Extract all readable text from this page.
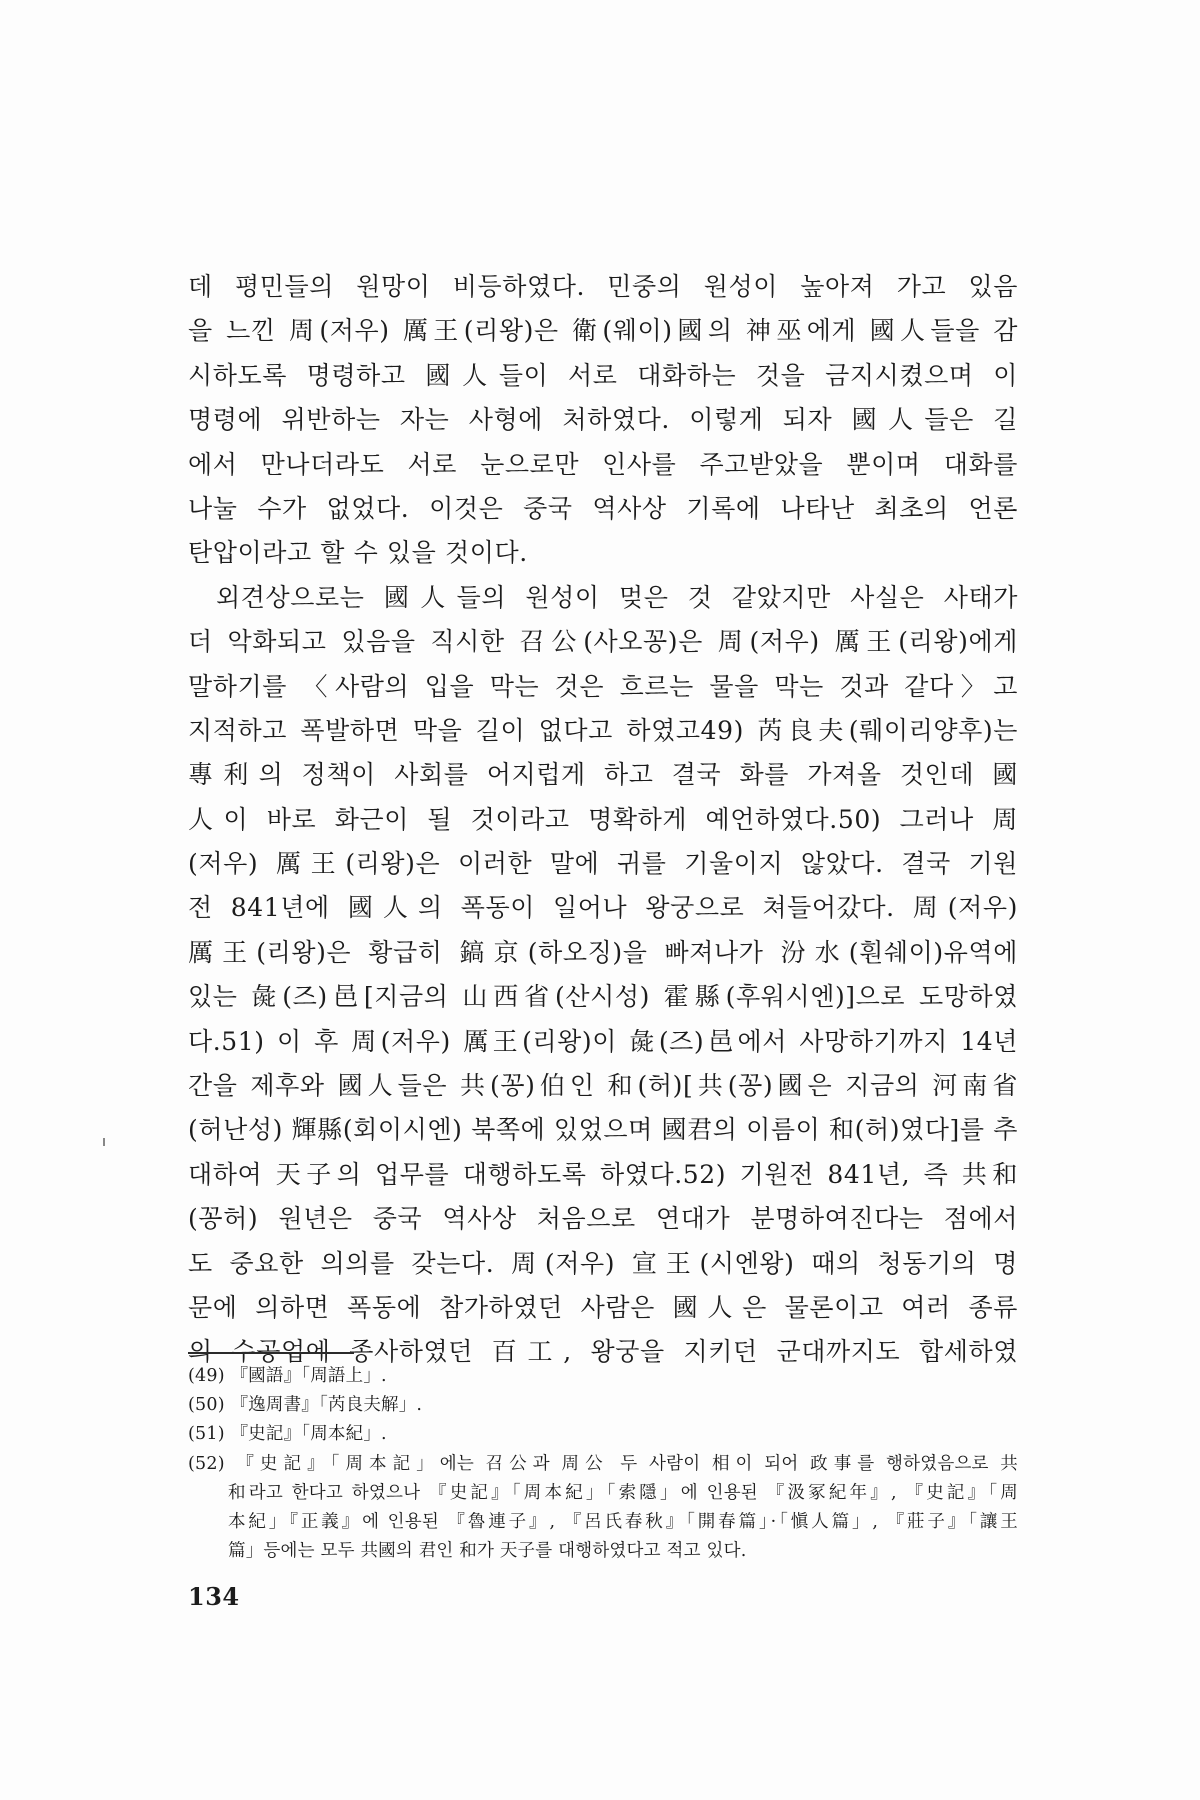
데 평민들의 원망이 비등하였다. 민중의 원성이 높아져 가고 있음
을 느낀 周(저우) 厲王(리왕)은 衛(웨이)國의 神巫에게 國人들을 감
시하도록 명령하고 國人들이 서로 대화하는 것을 금지시켰으며 이
명령에 위반하는 자는 사형에 처하였다. 이렇게 되자 國人들은 길
에서 만나더라도 서로 눈으로만 인사를 주고받았을 뿐이며 대화를
나눌 수가 없었다. 이것은 중국 역사상 기록에 나타난 최초의 언론
탄압이라고 할 수 있을 것이다.
외견상으로는 國人들의 원성이 멎은 것 같았지만 사실은 사태가
더 악화되고 있음을 직시한 召公(사오꽁)은 周(저우) 厲王(리왕)에게
말하기를 〈사람의 입을 막는 것은 흐르는 물을 막는 것과 같다〉고
지적하고 폭발하면 막을 길이 없다고 하였고49) 芮良夫(뤠이리양후)는
專利의 정책이 사회를 어지럽게 하고 결국 화를 가져올 것인데 國
人이 바로 화근이 될 것이라고 명확하게 예언하였다.50) 그러나 周
(저우) 厲王(리왕)은 이러한 말에 귀를 기울이지 않았다. 결국 기원
전 841년에 國人의 폭동이 일어나 왕궁으로 쳐들어갔다. 周(저우)
厲王(리왕)은 황급히 鎬京(하오징)을 빠져나가 汾水(훤쉐이)유역에
있는 彘(즈)邑[지금의 山西省(산시성) 霍縣(후워시엔)]으로 도망하였
다.51) 이 후 周(저우) 厲王(리왕)이 彘(즈)邑에서 사망하기까지 14년
간을 제후와 國人들은 共(꽁)伯인 和(허)[共(꽁)國은 지금의 河南省
(허난성) 輝縣(회이시엔) 북쪽에 있었으며 國君의 이름이 和(허)였다]를 추
대하여 天子의 업무를 대행하도록 하였다.52) 기원전 841년, 즉 共和
(꽁허) 원년은 중국 역사상 처음으로 연대가 분명하여진다는 점에서
도 중요한 의의를 갖는다. 周(저우) 宣王(시엔왕) 때의 청동기의 명
문에 의하면 폭동에 참가하였던 사람은 國人은 물론이고 여러 종류
의 수공업에 종사하였던 百工, 왕궁을 지키던 군대까지도 합세하였
(49) 『國語』「周語上」.
(50) 『逸周書』「芮良夫解」.
(51) 『史記』「周本紀」.
(52) 『史記』「周本記」에는 召公과 周公 두 사람이 相이 되어 政事를 행하였음으로 共
和라고 한다고 하였으나 『史記』「周本紀」「索隱」에 인용된 『汲冢紀年』, 『史記』「周
本紀」『正義』에 인용된 『魯連子』, 『呂氏春秋』「開春篇」·「愼人篇」, 『莊子』「讓王
篇」등에는 모두 共國의 君인 和가 天子를 대행하였다고 적고 있다.
134
